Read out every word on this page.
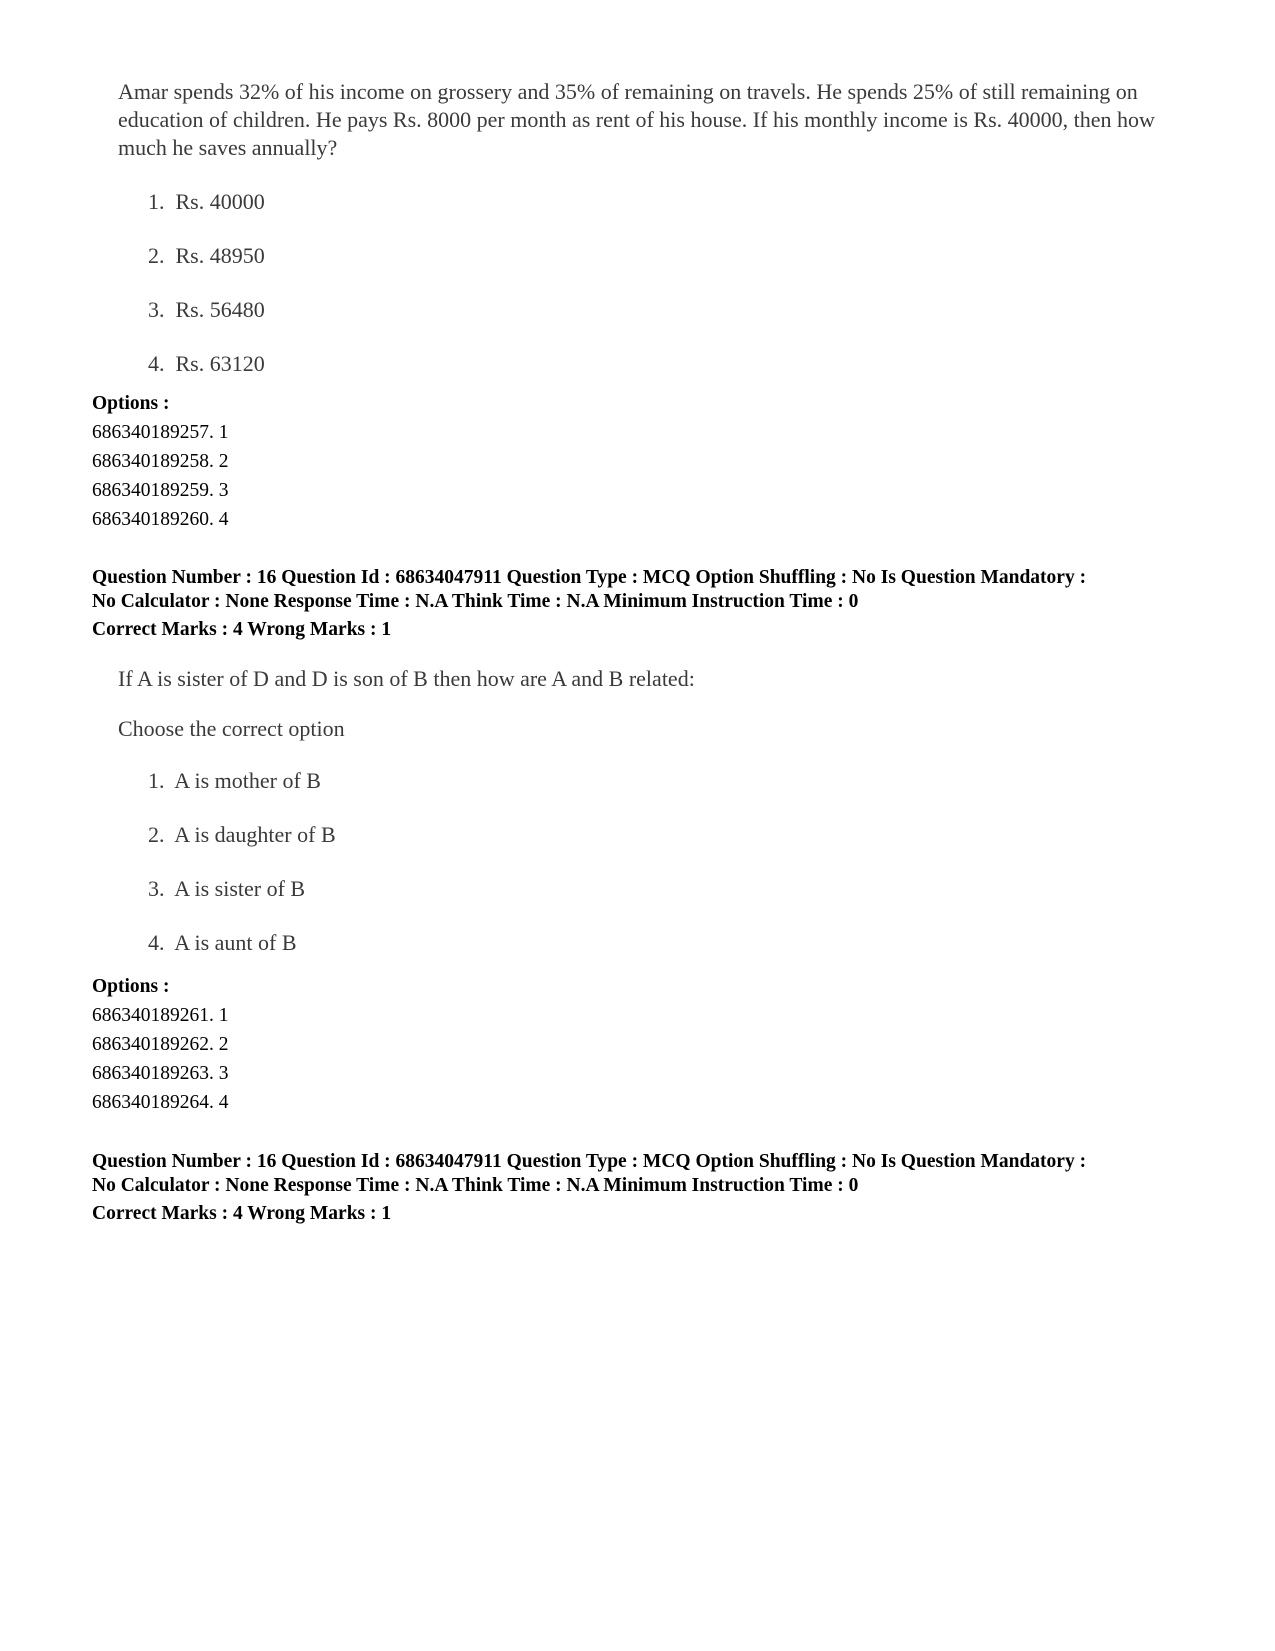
Amar spends 32% of his income on grossery and 35% of remaining on travels. He spends 25% of still remaining on education of children. He pays Rs. 8000 per month as rent of his house. If his monthly income is Rs. 40000, then how much he saves annually?

1. Rs. 40000
2. Rs. 48950
3. Rs. 56480
4. Rs. 63120
Options :
686340189257. 1
686340189258. 2
686340189259. 3
686340189260. 4
Question Number : 16 Question Id : 68634047911 Question Type : MCQ Option Shuffling : No Is Question Mandatory :
No Calculator : None Response Time : N.A Think Time : N.A Minimum Instruction Time : 0
Correct Marks : 4 Wrong Marks : 1

If A is sister of D and D is son of B then how are A and B related:

Choose the correct option

1. A is mother of B
2. A is daughter of B
3. A is sister of B
4. A is aunt of B
Options :
686340189261. 1
686340189262. 2
686340189263. 3
686340189264. 4
Question Number : 16 Question Id : 68634047911 Question Type : MCQ Option Shuffling : No Is Question Mandatory :
No Calculator : None Response Time : N.A Think Time : N.A Minimum Instruction Time : 0
Correct Marks : 4 Wrong Marks : 1
